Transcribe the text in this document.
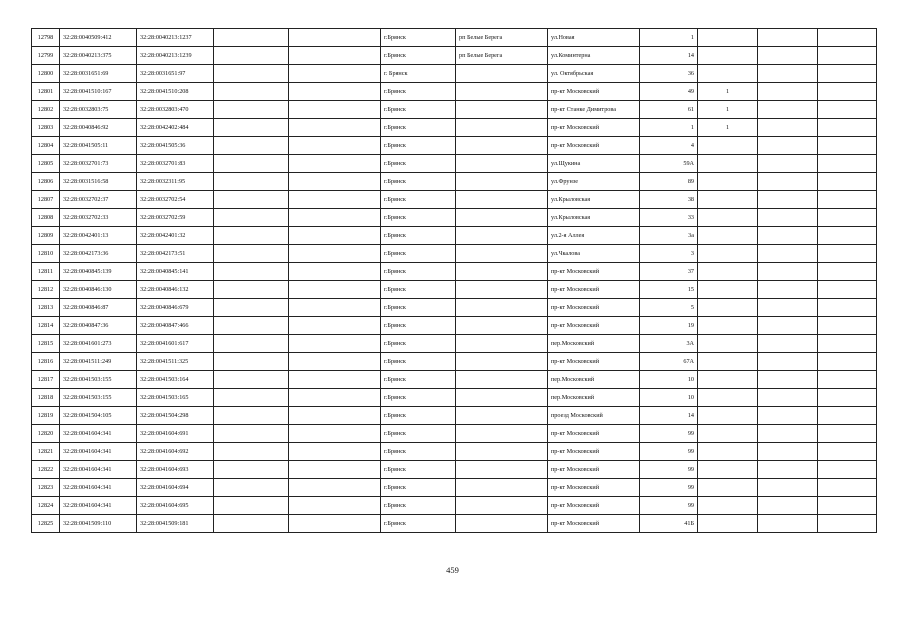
12798	32:28:0040509:412	32:28:0040213:1237			г.Брянск	рп Белые Берега	ул.Новая	1			
12799	32:28:0040213:375	32:28:0040213:1239			г.Брянск	рп Белые Берега	ул.Коминтерна	14			
12800	32:28:0031651:69	32:28:0031651:97			г. Брянск		ул. Октябрьская	36			
12801	32:28:0041510:167	32:28:0041510:208			г.Брянск		пр-кт Московский	49	1		
12802	32:28:0032803:75	32:28:0032803:470			г.Брянск		пр-кт Станке Димитрова	61	1		
12803	32:28:0040846:92	32:28:0042402:484			г.Брянск		пр-кт Московский	1	1		
12804	32:28:0041505:11	32:28:0041505:36			г.Брянск		пр-кт Московский	4			
12805	32:28:0032701:73	32:28:0032701:83			г.Брянск		ул.Щукина	59А			
12806	32:28:0031516:58	32:28:0032311:95			г.Брянск		ул.Фрунзе	89			
12807	32:28:0032702:37	32:28:0032702:54			г.Брянск		ул.Крыловская	38			
12808	32:28:0032702:33	32:28:0032702:59			г.Брянск		ул.Крыловская	33			
12809	32:28:0042401:13	32:28:0042401:32			г.Брянск		ул.2-я Аллея	3а			
12810	32:28:0042173:36	32:28:0042173:51			г.Брянск		ул.Чкалова	3			
12811	32:28:0040845:139	32:28:0040845:141			г.Брянск		пр-кт Московский	37			
12812	32:28:0040846:130	32:28:0040846:132			г.Брянск		пр-кт Московский	15			
12813	32:28:0040846:87	32:28:0040846:679			г.Брянск		пр-кт Московский	5			
12814	32:28:0040847:36	32:28:0040847:466			г.Брянск		пр-кт Московский	19			
12815	32:28:0041601:273	32:28:0041601:617			г.Брянск		пер.Московский	3А			
12816	32:28:0041511:249	32:28:0041511:325			г.Брянск		пр-кт Московский	67А			
12817	32:28:0041503:155	32:28:0041503:164			г.Брянск		пер.Московский	10			
12818	32:28:0041503:155	32:28:0041503:165			г.Брянск		пер.Московский	10			
12819	32:28:0041504:105	32:28:0041504:298			г.Брянск		проезд Московский	14			
12820	32:28:0041604:341	32:28:0041604:691			г.Брянск		пр-кт Московский	99			
12821	32:28:0041604:341	32:28:0041604:692			г.Брянск		пр-кт Московский	99			
12822	32:28:0041604:341	32:28:0041604:693			г.Брянск		пр-кт Московский	99			
12823	32:28:0041604:341	32:28:0041604:694			г.Брянск		пр-кт Московский	99			
12824	32:28:0041604:341	32:28:0041604:695			г.Брянск		пр-кт Московский	99			
12825	32:28:0041509:110	32:28:0041509:181			г.Брянск		пр-кт Московский	41Б			
459
